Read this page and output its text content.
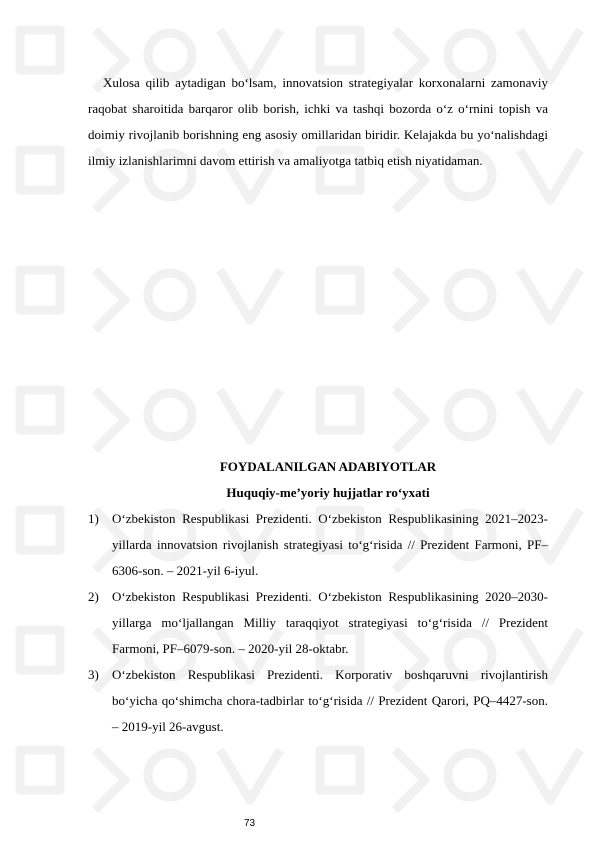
Xulosa qilib aytadigan bo‘lsam, innovatsion strategiyalar korxonalarni zamonaviy raqobat sharoitida barqaror olib borish, ichki va tashqi bozorda o‘z o‘rnini topish va doimiy rivojlanib borishning eng asosiy omillaridan biridir. Kelajakda bu yo‘nalishdagi ilmiy izlanishlarimni davom ettirish va amaliyotga tatbiq etish niyatidaman.

FOYDALANILGAN ADABIYOTLAR

Huquqiy-me’yoriy hujjatlar ro‘yxati

1) O‘zbekiston Respublikasi Prezidenti. O‘zbekiston Respublikasining 2021–2023-yillarda innovatsion rivojlanish strategiyasi to‘g‘risida // Prezident Farmoni, PF–6306-son. – 2021-yil 6-iyul.
2) O‘zbekiston Respublikasi Prezidenti. O‘zbekiston Respublikasining 2020–2030-yillarga mo‘ljallangan Milliy taraqqiyot strategiyasi to‘g‘risida // Prezident Farmoni, PF–6079-son. – 2020-yil 28-oktabr.
3) O‘zbekiston Respublikasi Prezidenti. Korporativ boshqaruvni rivojlantirish bo‘yicha qo‘shimcha chora-tadbirlar to‘g‘risida // Prezident Qarori, PQ–4427-son. – 2019-yil 26-avgust.
73
